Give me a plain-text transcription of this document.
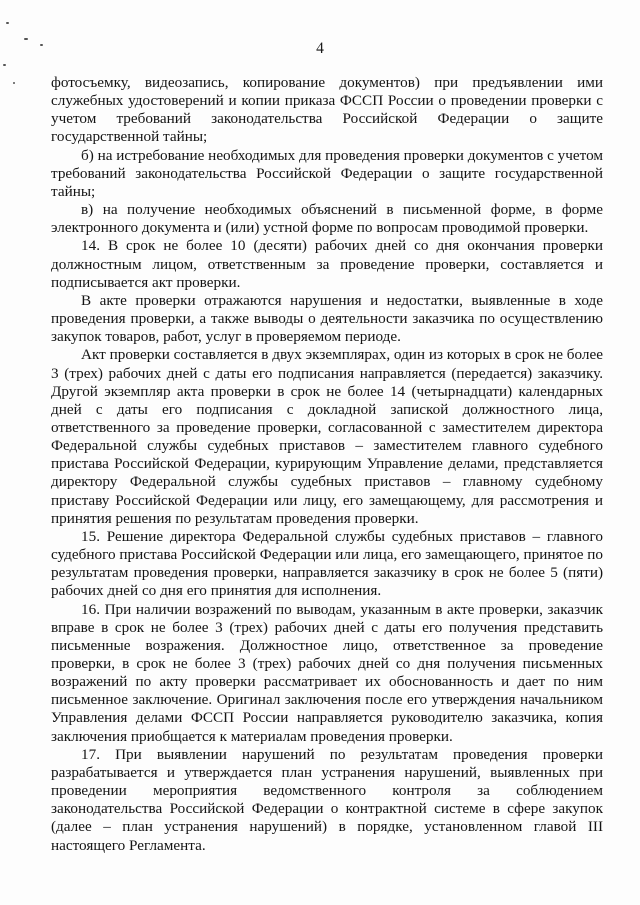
4

фотосъемку, видеозапись, копирование документов) при предъявлении ими служебных удостоверений и копии приказа ФССП России о проведении проверки с учетом требований законодательства Российской Федерации о защите государственной тайны;

б) на истребование необходимых для проведения проверки документов с учетом требований законодательства Российской Федерации о защите государственной тайны;

в) на получение необходимых объяснений в письменной форме, в форме электронного документа и (или) устной форме по вопросам проводимой проверки.

14. В срок не более 10 (десяти) рабочих дней со дня окончания проверки должностным лицом, ответственным за проведение проверки, составляется и подписывается акт проверки.

В акте проверки отражаются нарушения и недостатки, выявленные в ходе проведения проверки, а также выводы о деятельности заказчика по осуществлению закупок товаров, работ, услуг в проверяемом периоде.

Акт проверки составляется в двух экземплярах, один из которых в срок не более 3 (трех) рабочих дней с даты его подписания направляется (передается) заказчику. Другой экземпляр акта проверки в срок не более 14 (четырнадцати) календарных дней с даты его подписания с докладной запиской должностного лица, ответственного за проведение проверки, согласованной с заместителем директора Федеральной службы судебных приставов – заместителем главного судебного пристава Российской Федерации, курирующим Управление делами, представляется директору Федеральной службы судебных приставов – главному судебному приставу Российской Федерации или лицу, его замещающему, для рассмотрения и принятия решения по результатам проведения проверки.

15. Решение директора Федеральной службы судебных приставов – главного судебного пристава Российской Федерации или лица, его замещающего, принятое по результатам проведения проверки, направляется заказчику в срок не более 5 (пяти) рабочих дней со дня его принятия для исполнения.

16. При наличии возражений по выводам, указанным в акте проверки, заказчик вправе в срок не более 3 (трех) рабочих дней с даты его получения представить письменные возражения. Должностное лицо, ответственное за проведение проверки, в срок не более 3 (трех) рабочих дней со дня получения письменных возражений по акту проверки рассматривает их обоснованность и дает по ним письменное заключение. Оригинал заключения после его утверждения начальником Управления делами ФССП России направляется руководителю заказчика, копия заключения приобщается к материалам проведения проверки.

17. При выявлении нарушений по результатам проведения проверки разрабатывается и утверждается план устранения нарушений, выявленных при проведении мероприятия ведомственного контроля за соблюдением законодательства Российской Федерации о контрактной системе в сфере закупок (далее – план устранения нарушений) в порядке, установленном главой III настоящего Регламента.
